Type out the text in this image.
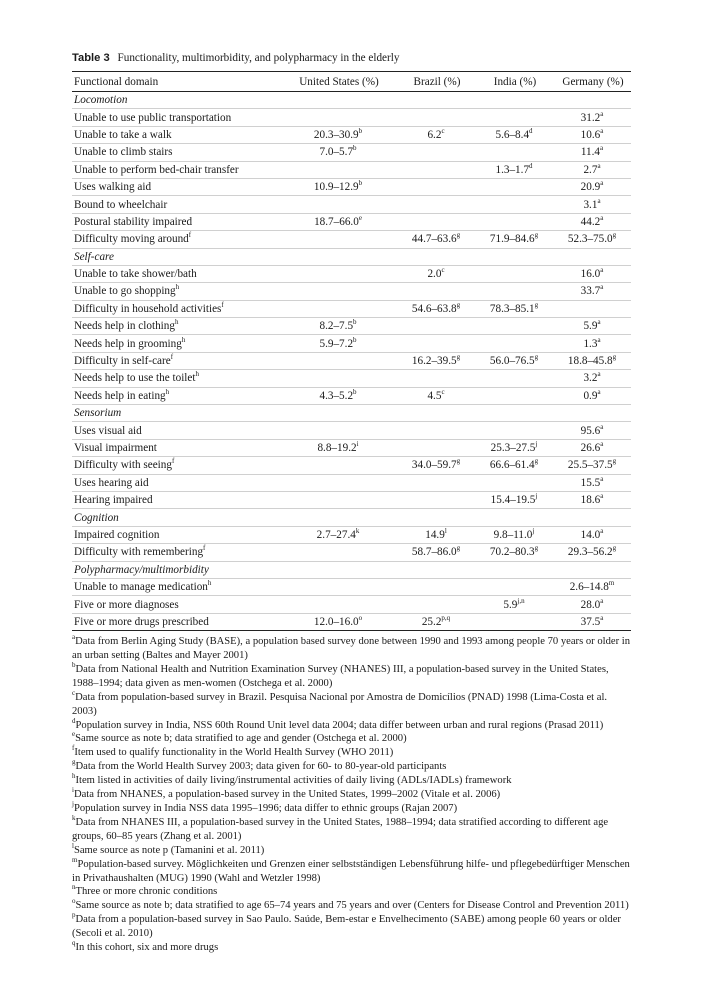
Table 3 Functionality, multimorbidity, and polypharmacy in the elderly
Functional domain	United States (%)	Brazil (%)	India (%)	Germany (%)
Locomotion				
Unable to use public transportation				31.2$^a$
Unable to take a walk	20.3–30.9$^b$	6.2$^c$	5.6–8.4$^d$	10.6$^a$
Unable to climb stairs	7.0–5.7$^b$			11.4$^a$
Unable to perform bed-chair transfer			1.3–1.7$^d$	2.7$^a$
Uses walking aid	10.9–12.9$^b$			20.9$^a$
Bound to wheelchair				3.1$^a$
Postural stability impaired	18.7–66.0e			44.2$^a$
Difficulty moving around$^f$		44.7–63.6$^g$	71.9–84.6$^g$	52.3–75.0$^g$
Self-care				
Unable to take shower/bath		2.0$^c$		16.0$^a$
Unable to go shopping$^h$				33.7$^a$
Difficulty in household activities$^f$		54.6–63.8$^g$	78.3–85.1$^g$	
Needs help in clothing$^h$	8.2–7.5$^b$			5.9$^a$
Needs help in grooming$^h$	5.9–7.2$^b$			1.3$^a$
Difficulty in self-care$^f$		16.2–39.5$^g$	56.0–76.5$^g$	18.8–45.8$^g$
Needs help to use the toilet$^h$				3.2$^a$
Needs help in eating$^h$	4.3–5.2$^b$	4.5$^c$		0.9$^a$
Sensorium				
Uses visual aid				95.6$^a$
Visual impairment	8.8–19.2$^i$		25.3–27.5$^j$	26.6$^a$
Difficulty with seeing$^f$		34.0–59.7$^g$	66.6–61.4$^g$	25.5–37.5$^g$
Uses hearing aid				15.5$^a$
Hearing impaired			15.4–19.5$^j$	18.6$^a$
Cognition				
Impaired cognition	2.7–27.4$^k$	14.9$^l$	9.8–11.0$^j$	14.0$^a$
Difficulty with remembering$^f$		58.7–86.0$^g$	70.2–80.3$^g$	29.3–56.2$^g$
Polypharmacy/multimorbidity				
Unable to manage medication$^h$				2.6–14.8$^m$
Five or more diagnoses			5.9$^{j,n}$	28.0$^a$
Five or more drugs prescribed	12.0–16.0$^o$	25.2$^{p,q}$		37.5$^a$
$^a$Data from Berlin Aging Study (BASE), a population based survey done between 1990 and 1993 among people 70 years or older in an urban setting (Baltes and Mayer 2001)
$^b$Data from National Health and Nutrition Examination Survey (NHANES) III, a population-based survey in the United States, 1988–1994; data given as men-women (Ostchega et al. 2000)
$^c$Data from population-based survey in Brazil. Pesquisa Nacional por Amostra de Domicílios (PNAD) 1998 (Lima-Costa et al. 2003)
$^d$Population survey in India, NSS 60th Round Unit level data 2004; data differ between urban and rural regions (Prasad 2011)
$^e$Same source as note b; data stratified to age and gender (Ostchega et al. 2000)
$^f$Item used to qualify functionality in the World Health Survey (WHO 2011)
$^g$Data from the World Health Survey 2003; data given for 60- to 80-year-old participants
$^h$Item listed in activities of daily living/instrumental activities of daily living (ADLs/IADLs) framework
$^i$Data from NHANES, a population-based survey in the United States, 1999–2002 (Vitale et al. 2006)
$^j$Population survey in India NSS data 1995–1996; data differ to ethnic groups (Rajan 2007)
$^k$Data from NHANES III, a population-based survey in the United States, 1988–1994; data stratified according to different age groups, 60–85 years (Zhang et al. 2001)
$^l$Same source as note p (Tamanini et al. 2011)
$^m$Population-based survey. Möglichkeiten und Grenzen einer selbstständigen Lebensführung hilfe- und pflegebedürftiger Menschen in Privathaushalten (MUG) 1990 (Wahl and Wetzler 1998)
$^n$Three or more chronic conditions
$^o$Same source as note b; data stratified to age 65–74 years and 75 years and over (Centers for Disease Control and Prevention 2011)
$^p$Data from a population-based survey in Sao Paulo. Saúde, Bem-estar e Envelhecimento (SABE) among people 60 years or older (Secoli et al. 2010)
$^q$In this cohort, six and more drugs
